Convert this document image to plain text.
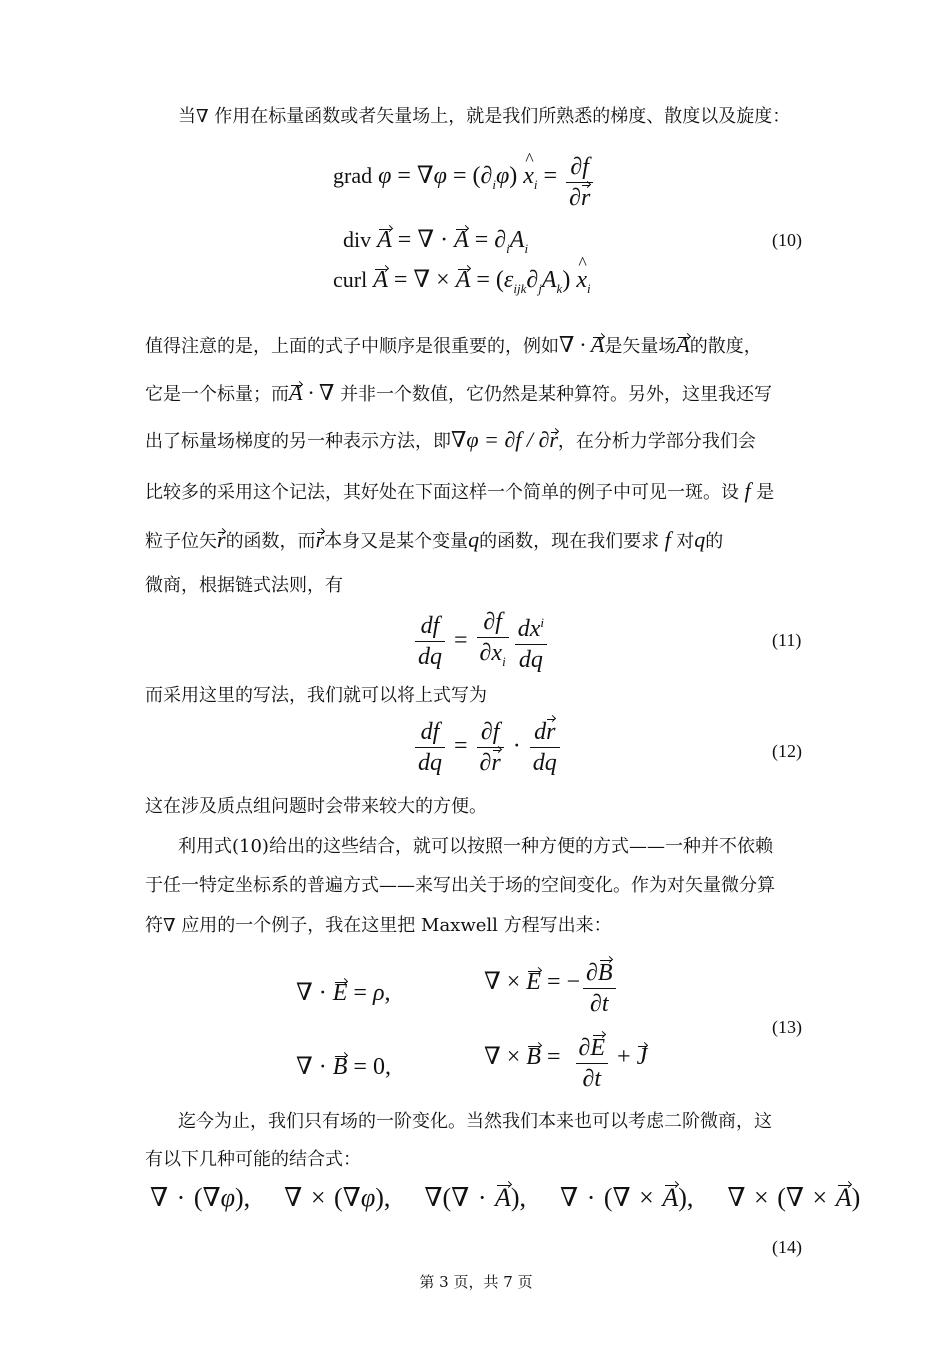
当∇ 作用在标量函数或者矢量场上，就是我们所熟悉的梯度、散度以及旋度：
grad $\varphi = \nabla\varphi = (\partial_i\varphi)$ ^ $x_i = \frac{\partial f}{\partial r}$
div A = ∇ · $A = \partial_iA_i$	(10)
curl A = ∇ × $A = (\varepsilon_{ijk}\partial_jA_k)$ ^ $x_i$
值得注意的是，上面的式子中顺序是很重要的，例如∇ · A是矢量场A的散度，
它是一个标量；而A · ∇ 并非一个数值，它仍然是某种算符。另外，这里我还写
出了标量场梯度的另一种表示方法，即∇φ = ∂f / ∂r，在分析力学部分我们会
比较多的采用这个记法，其好处在下面这样一个简单的例子中可见一斑。设 f 是
粒子位矢r的函数，而r本身又是某个变量q的函数，现在我们要求 f 对q的
微商，根据链式法则，有
$\frac{df}{dq} = \frac{\partial f}{\partial x_i} \frac{dx^i}{dq}$	(11)
而采用这里的写法，我们就可以将上式写为
$\frac{df}{dq} = \frac{\partial f}{\partial r} \cdot \frac{dr}{dq}$	(12)
这在涉及质点组问题时会带来较大的方便。
利用式(10)给出的这些结合，就可以按照一种方便的方式——一种并不依赖
于任一特定坐标系的普遍方式——来写出关于场的空间变化。作为对矢量微分算
符∇ 应用的一个例子，我在这里把 Maxwell 方程写出来：
∇ · E = ρ,	∇ × E = − $\frac{\partial B}{\partial t}$
(13)
∇ · B = 0,	∇ × $B = \frac{\partial E}{\partial t} + J$
迄今为止，我们只有场的一阶变化。当然我们本来也可以考虑二阶微商，这
有以下几种可能的结合式：
∇ · (∇φ),    ∇ × (∇φ),    ∇(∇ · A),    ∇ · (∇ × A),    ∇ × (∇ × A)
(14)
第 3 页，共 7 页
